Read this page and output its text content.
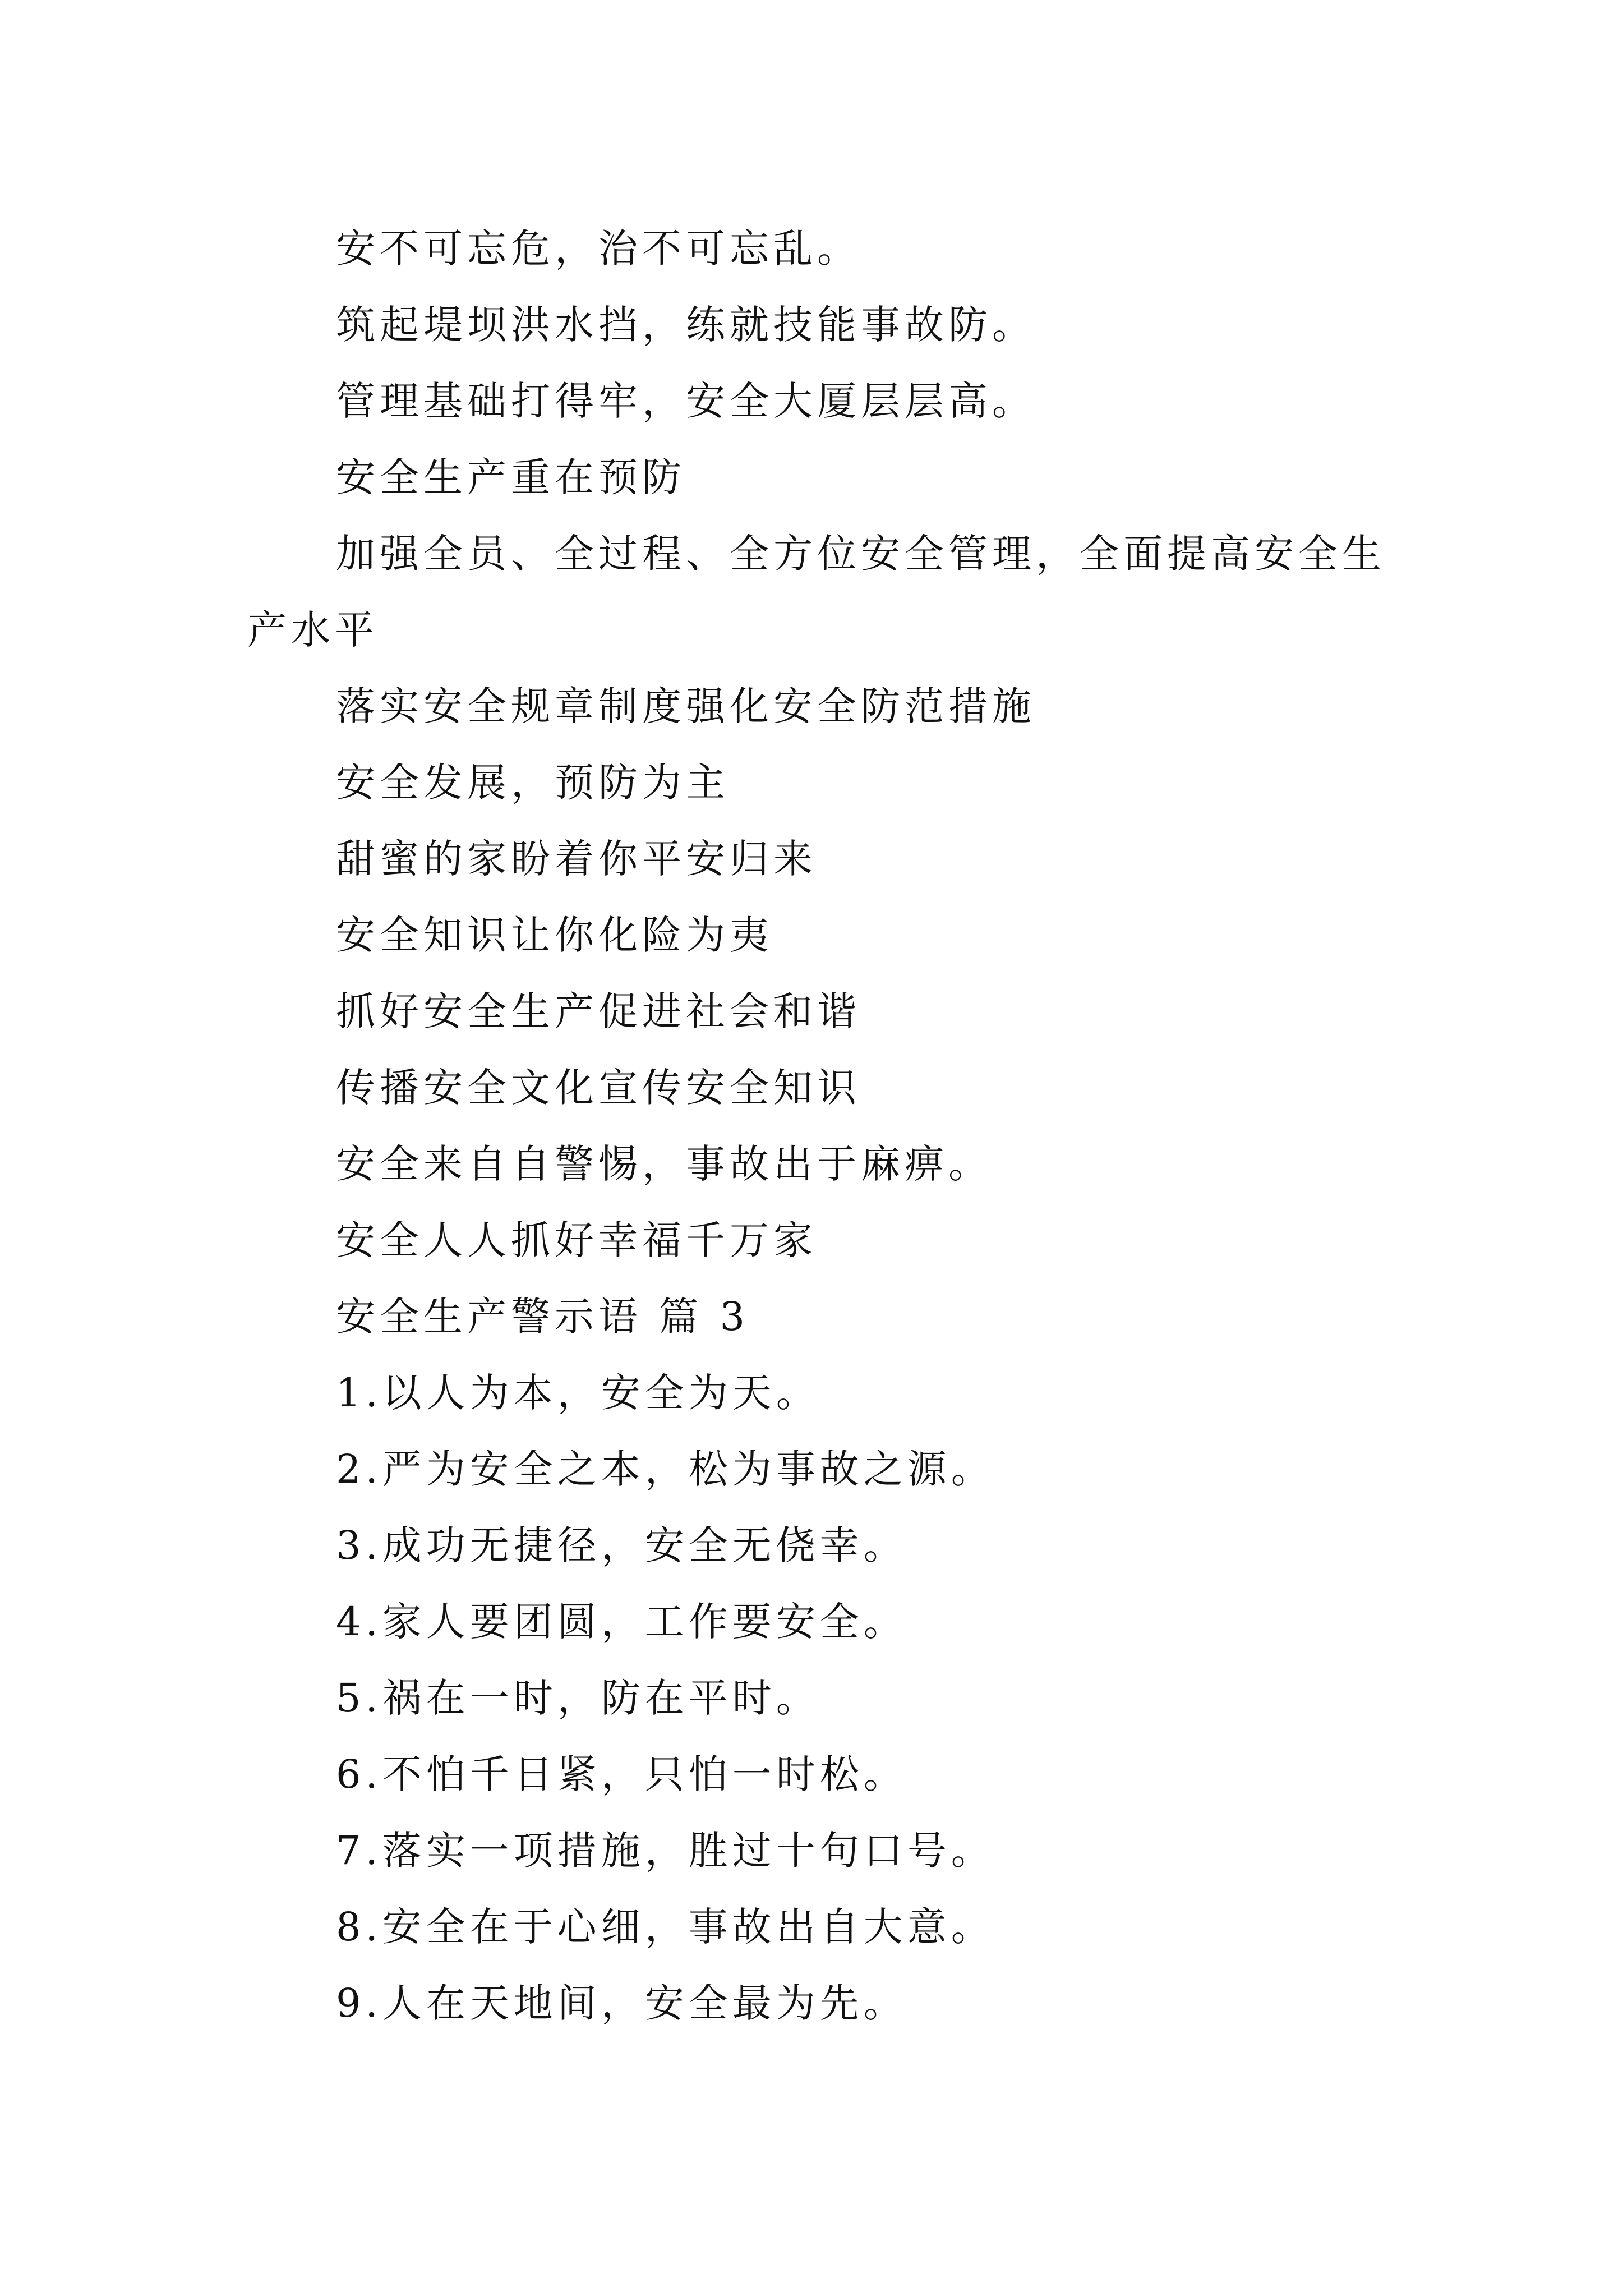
安不可忘危，治不可忘乱。

筑起堤坝洪水挡，练就技能事故防。

管理基础打得牢，安全大厦层层高。

安全生产重在预防

加强全员、全过程、全方位安全管理，全面提高安全生产水平

落实安全规章制度强化安全防范措施

安全发展，预防为主

甜蜜的家盼着你平安归来

安全知识让你化险为夷

抓好安全生产促进社会和谐

传播安全文化宣传安全知识

安全来自自警惕，事故出于麻痹。

安全人人抓好幸福千万家

安全生产警示语 篇 3

1.以人为本，安全为天。

2.严为安全之本，松为事故之源。

3.成功无捷径，安全无侥幸。

4.家人要团圆，工作要安全。

5.祸在一时，防在平时。

6.不怕千日紧，只怕一时松。

7.落实一项措施，胜过十句口号。

8.安全在于心细，事故出自大意。

9.人在天地间，安全最为先。
